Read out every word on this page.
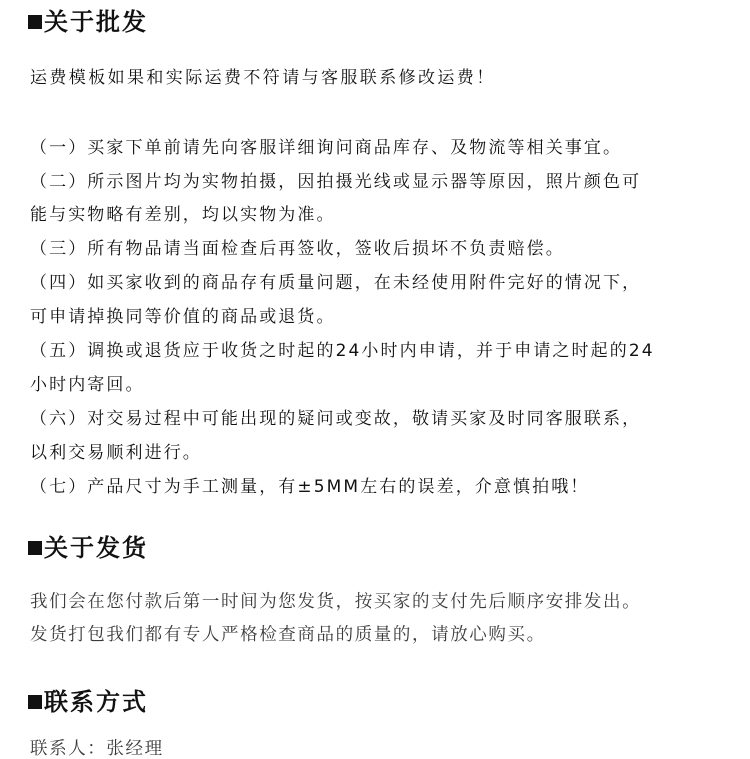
关于批发
运费模板如果和实际运费不符请与客服联系修改运费！
（一）买家下单前请先向客服详细询问商品库存、及物流等相关事宜。
（二）所示图片均为实物拍摄，因拍摄光线或显示器等原因，照片颜色可
能与实物略有差别，均以实物为准。
（三）所有物品请当面检查后再签收，签收后损坏不负责赔偿。
（四）如买家收到的商品存有质量问题，在未经使用附件完好的情况下，
可申请掉换同等价值的商品或退货。
（五）调换或退货应于收货之时起的24小时内申请，并于申请之时起的24
小时内寄回。
（六）对交易过程中可能出现的疑问或变故，敬请买家及时同客服联系，
以利交易顺利进行。
（七）产品尺寸为手工测量，有±5MM左右的误差，介意慎拍哦！
关于发货
我们会在您付款后第一时间为您发货，按买家的支付先后顺序安排发出。
发货打包我们都有专人严格检查商品的质量的，请放心购买。
联系方式
联系人：张经理
